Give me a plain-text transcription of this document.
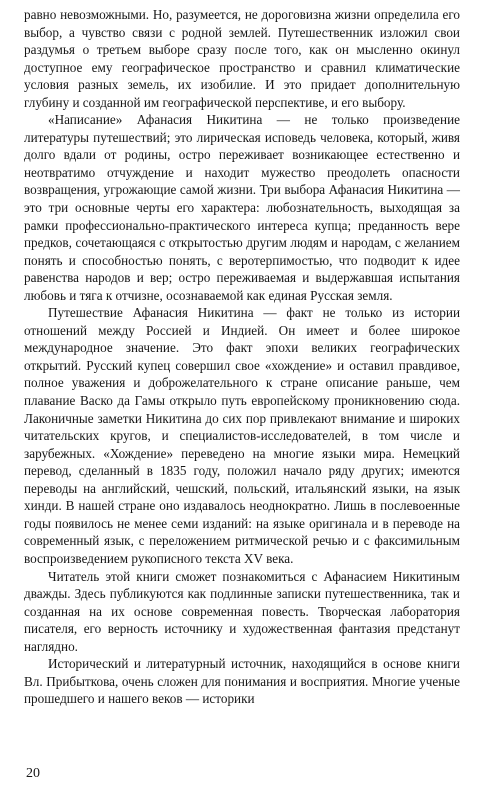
равно невозможными. Но, разумеется, не дороговизна жизни определила его выбор, а чувство связи с родной землей. Путешественник изложил свои раздумья о третьем выборе сразу после того, как он мысленно окинул доступное ему географическое пространство и сравнил климатические условия разных земель, их изобилие. И это придает дополнительную глубину и созданной им географической перспективе, и его выбору.

«Написание» Афанасия Никитина — не только произведение литературы путешествий; это лирическая исповедь человека, который, живя долго вдали от родины, остро переживает возникающее естественно и неотвратимо отчуждение и находит мужество преодолеть опасности возвращения, угрожающие самой жизни. Три выбора Афанасия Никитина — это три основные черты его характера: любознательность, выходящая за рамки профессионально-практического интереса купца; преданность вере предков, сочетающаяся с открытостью другим людям и народам, с желанием понять и способностью понять, с веротерпимостью, что подводит к идее равенства народов и вер; остро переживаемая и выдержавшая испытания любовь и тяга к отчизне, осознаваемой как единая Русская земля.

Путешествие Афанасия Никитина — факт не только из истории отношений между Россией и Индией. Он имеет и более широкое международное значение. Это факт эпохи великих географических открытий. Русский купец совершил свое «хождение» и оставил правдивое, полное уважения и доброжелательного к стране описание раньше, чем плавание Васко да Гамы открыло путь европейскому проникновению сюда. Лаконичные заметки Никитина до сих пор привлекают внимание и широких читательских кругов, и специалистов-исследователей, в том числе и зарубежных. «Хождение» переведено на многие языки мира. Немецкий перевод, сделанный в 1835 году, положил начало ряду других; имеются переводы на английский, чешский, польский, итальянский языки, на язык хинди. В нашей стране оно издавалось неоднократно. Лишь в послевоенные годы появилось не менее семи изданий: на языке оригинала и в переводе на современный язык, с переложением ритмической речью и с факсимильным воспроизведением рукописного текста XV века.

Читатель этой книги сможет познакомиться с Афанасием Никитиным дважды. Здесь публикуются как подлинные записки путешественника, так и созданная на их основе современная повесть. Творческая лаборатория писателя, его верность источнику и художественная фантазия предстанут наглядно.

Исторический и литературный источник, находящийся в основе книги Вл. Прибыткова, очень сложен для понимания и восприятия. Многие ученые прошедшего и нашего веков — историки

20
